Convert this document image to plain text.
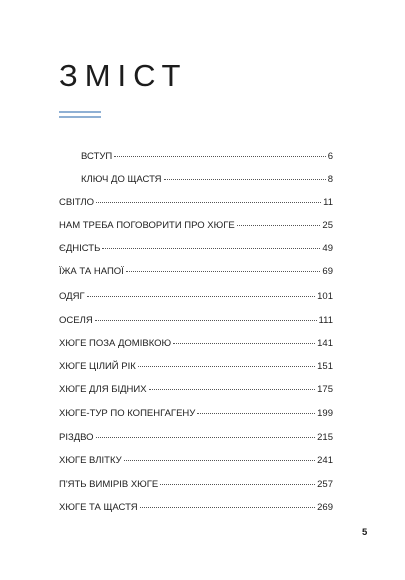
ЗМІСТ
ВСТУП	6
КЛЮЧ ДО ЩАСТЯ	8
СВІТЛО	11
НАМ ТРЕБА ПОГОВОРИТИ ПРО ХЮГЕ	25
ЄДНІСТЬ	49
ЇЖА ТА НАПОЇ	69
ОДЯГ	101
ОСЕЛЯ	111
ХЮГЕ ПОЗА ДОМІВКОЮ	141
ХЮГЕ ЦІЛИЙ РІК	151
ХЮГЕ ДЛЯ БІДНИХ	175
ХЮГЕ-ТУР ПО КОПЕНГАГЕНУ	199
РІЗДВО	215
ХЮГЕ ВЛІТКУ	241
П'ЯТЬ ВИМІРІВ ХЮГЕ	257
ХЮГЕ ТА ЩАСТЯ	269
5
